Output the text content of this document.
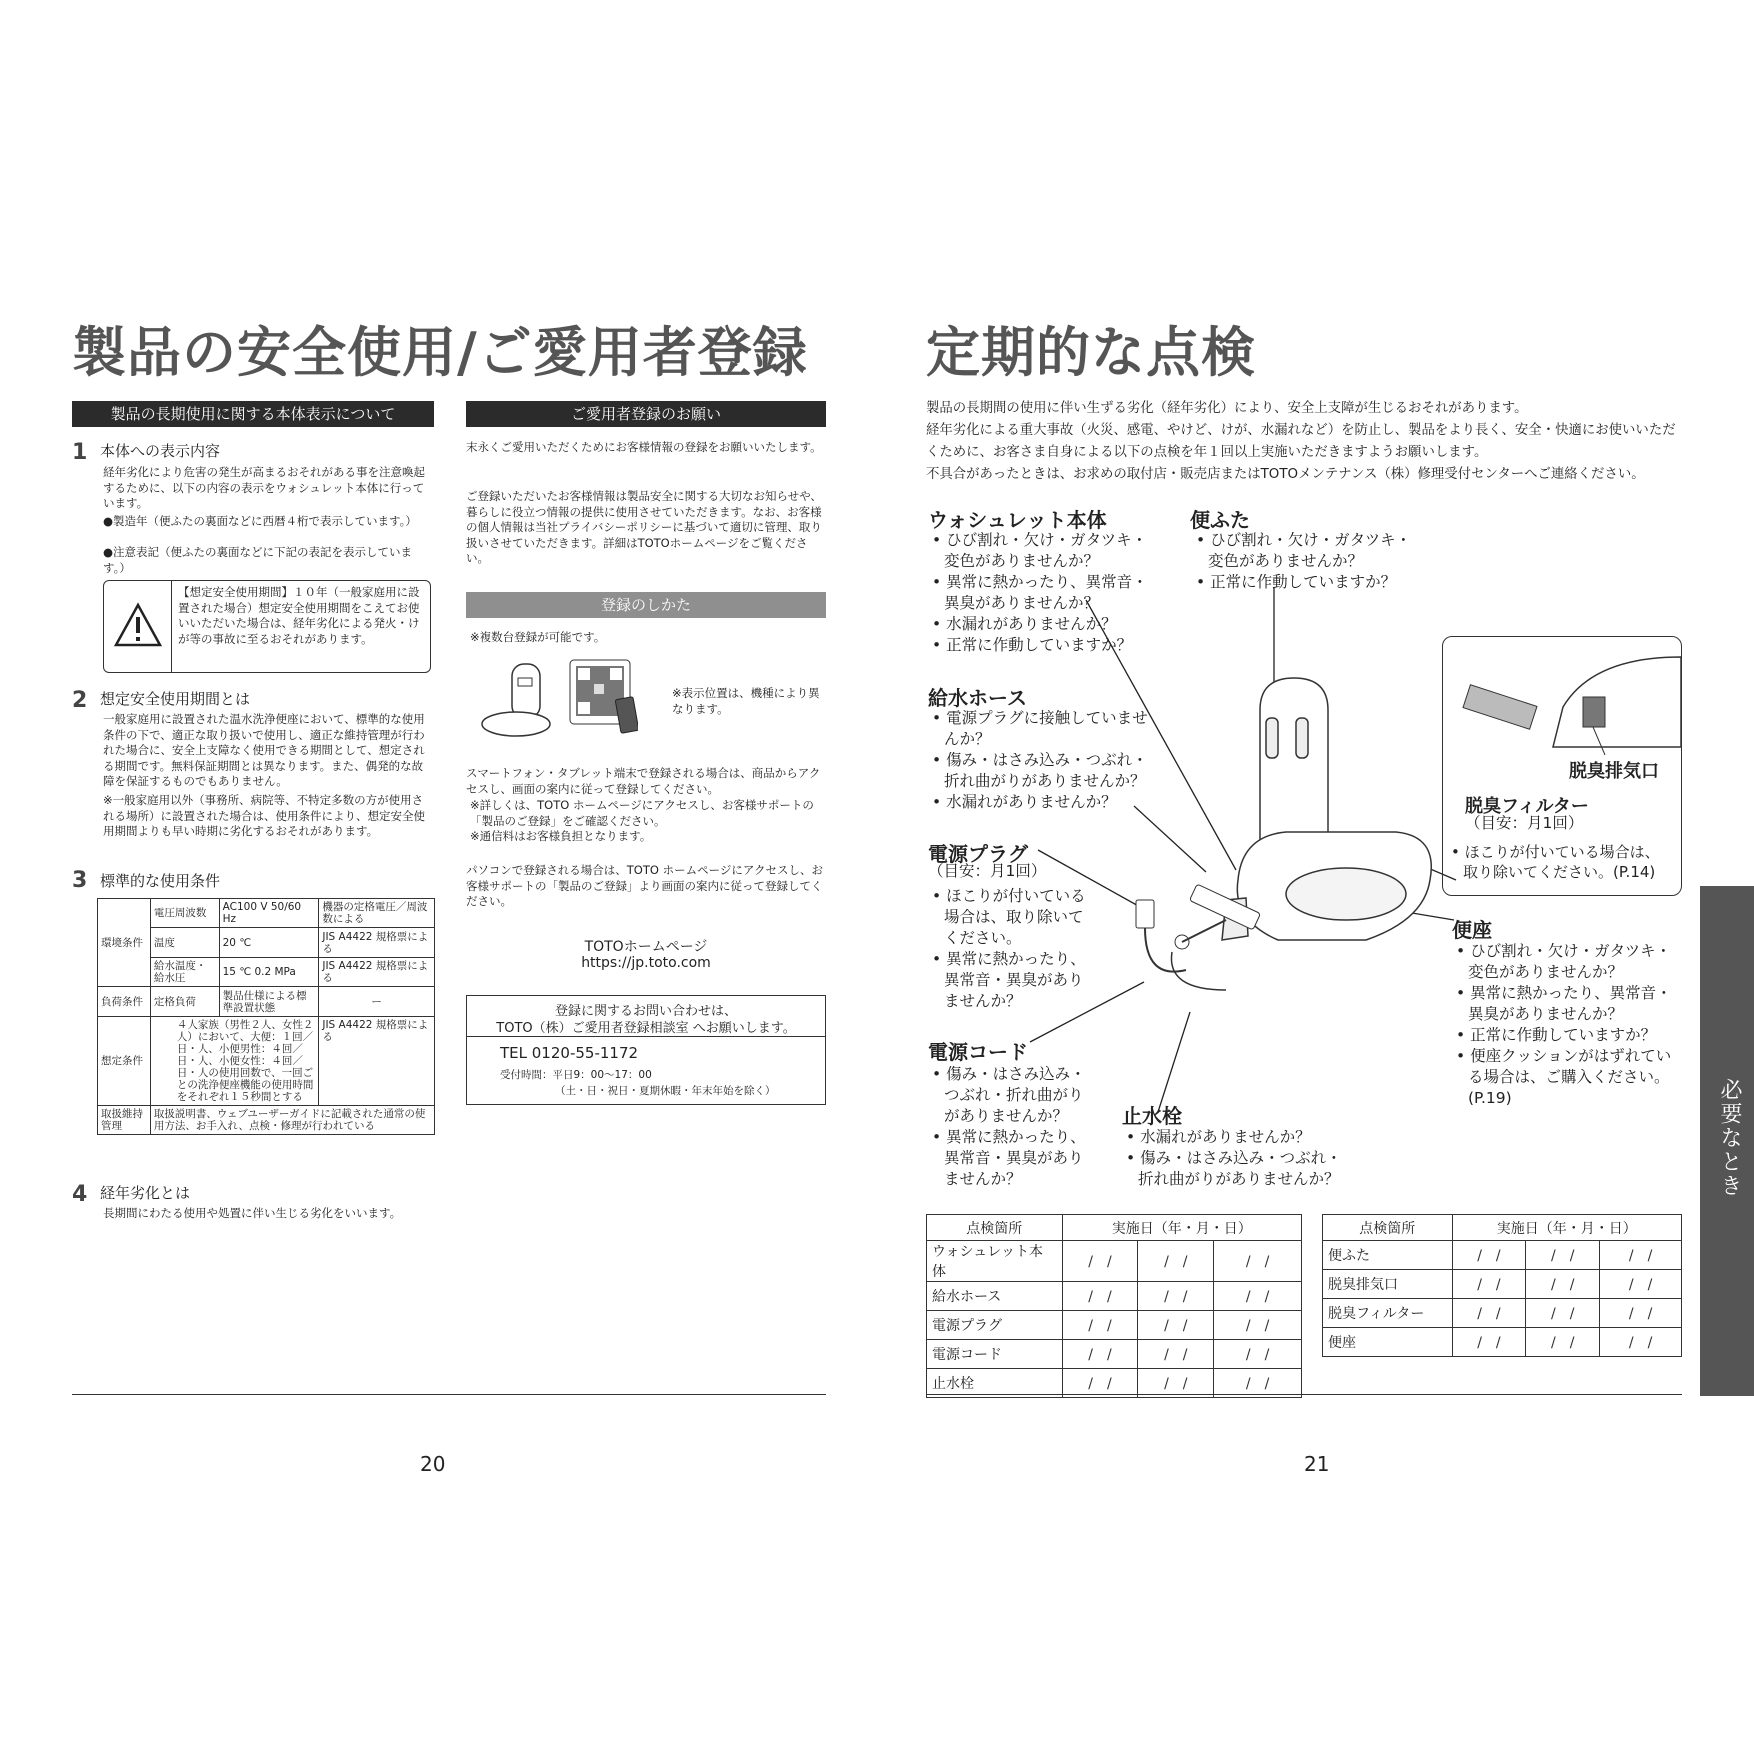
製品の安全使用/ご愛用者登録
製品の長期使用に関する本体表示について
1 本体への表示内容
経年劣化により危害の発生が高まるおそれがある事を注意喚起するために、以下の内容の表示をウォシュレット本体に行っています。
●製造年（便ふたの裏面などに西暦４桁で表示しています。）
●注意表記（便ふたの裏面などに下記の表記を表示しています。）
【想定安全使用期間】１０年（一般家庭用に設置された場合）想定安全使用期間をこえてお使いいただいた場合は、経年劣化による発火・けが等の事故に至るおそれがあります。
2 想定安全使用期間とは
一般家庭用に設置された温水洗浄便座において、標準的な使用条件の下で、適正な取り扱いで使用し、適正な維持管理が行われた場合に、安全上支障なく使用できる期間として、想定される期間です。無料保証期間とは異なります。また、偶発的な故障を保証するものでもありません。
※一般家庭用以外（事務所、病院等、不特定多数の方が使用される場所）に設置された場合は、使用条件により、想定安全使用期間よりも早い時期に劣化するおそれがあります。
3 標準的な使用条件
環境条件	電圧周波数	AC100 V 50/60 Hz	機器の定格電圧／周波数による
	温度	20 ℃	JIS A4422 規格票による
	給水温度・給水圧	15 ℃ 0.2 MPa	JIS A4422 規格票による
負荷条件	定格負荷	製品仕様による標準設置状態	ー
想定条件	４人家族（男性２人、女性２人）において、大便：１回／日・人、小便男性：４回／日・人、小便女性：４回／日・人の使用回数で、一回ごとの洗浄便座機能の使用時間をそれぞれ１５秒間とする		JIS A4422 規格票による
取扱維持管理	取扱説明書、ウェブユーザーガイドに記載された通常の使用方法、お手入れ、点検・修理が行われている		
4 経年劣化とは
長期間にわたる使用や処置に伴い生じる劣化をいいます。
ご愛用者登録のお願い
末永くご愛用いただくためにお客様情報の登録をお願いいたします。
ご登録いただいたお客様情報は製品安全に関する大切なお知らせや、暮らしに役立つ情報の提供に使用させていただきます。なお、お客様の個人情報は当社プライバシーポリシーに基づいて適切に管理、取り扱いさせていただきます。詳細はTOTOホームページをご覧ください。
登録のしかた
※複数台登録が可能です。
※表示位置は、機種により異なります。
スマートフォン・タブレット端末で登録される場合は、商品からアクセスし、画面の案内に従って登録してください。
※詳しくは、TOTO ホームページにアクセスし、お客様サポートの「製品のご登録」をご確認ください。
※通信料はお客様負担となります。
パソコンで登録される場合は、TOTO ホームページにアクセスし、お客様サポートの「製品のご登録」より画面の案内に従って登録してください。
TOTOホームページ
https://jp.toto.com
登録に関するお問い合わせは、
TOTO（株）ご愛用者登録相談室 へお願いします。
TEL 0120-55-1172
受付時間：平日9：00〜17：00
（土・日・祝日・夏期休暇・年末年始を除く）
20
定期的な点検
製品の長期間の使用に伴い生ずる劣化（経年劣化）により、安全上支障が生じるおそれがあります。
経年劣化による重大事故（火災、感電、やけど、けが、水漏れなど）を防止し、製品をより長く、安全・快適にお使いいただくために、お客さま自身による以下の点検を年１回以上実施いただきますようお願いします。
不具合があったときは、お求めの取付店・販売店またはTOTOメンテナンス（株）修理受付センターへご連絡ください。
ウォシュレット本体
• ひび割れ・欠け・ガタツキ・
変色がありませんか？
• 異常に熱かったり、異常音・
異臭がありませんか？
• 水漏れがありませんか？
• 正常に作動していますか？
便ふた
• ひび割れ・欠け・ガタツキ・
変色がありませんか？
• 正常に作動していますか？
給水ホース
• 電源プラグに接触していませ
んか？
• 傷み・はさみ込み・つぶれ・
折れ曲がりがありませんか？
• 水漏れがありませんか？
電源プラグ
（目安：月1回）
• ほこりが付いている
場合は、取り除いて
ください。
• 異常に熱かったり、
異常音・異臭があり
ませんか？
電源コード
• 傷み・はさみ込み・
つぶれ・折れ曲がり
がありませんか？
• 異常に熱かったり、
異常音・異臭があり
ませんか？
止水栓
• 水漏れがありませんか？
• 傷み・はさみ込み・つぶれ・
折れ曲がりがありませんか？
脱臭排気口
脱臭フィルター
（目安：月1回）
• ほこりが付いている場合は、
取り除いてください。(P.14)
便座
• ひび割れ・欠け・ガタツキ・
変色がありませんか？
• 異常に熱かったり、異常音・
異臭がありませんか？
• 正常に作動していますか？
• 便座クッションがはずれてい
る場合は、ご購入ください。
(P.19)	必要なとき
点検箇所	実施日（年・月・日）		
ウォシュレット本体	/　/	/　/	/　/
給水ホース	/　/	/　/	/　/
電源プラグ	/　/	/　/	/　/
電源コード	/　/	/　/	/　/
止水栓	/　/	/　/	/　/
点検箇所	実施日（年・月・日）		
便ふた	/　/	/　/	/　/
脱臭排気口	/　/	/　/	/　/
脱臭フィルター	/　/	/　/	/　/
便座	/　/	/　/	/　/
21
